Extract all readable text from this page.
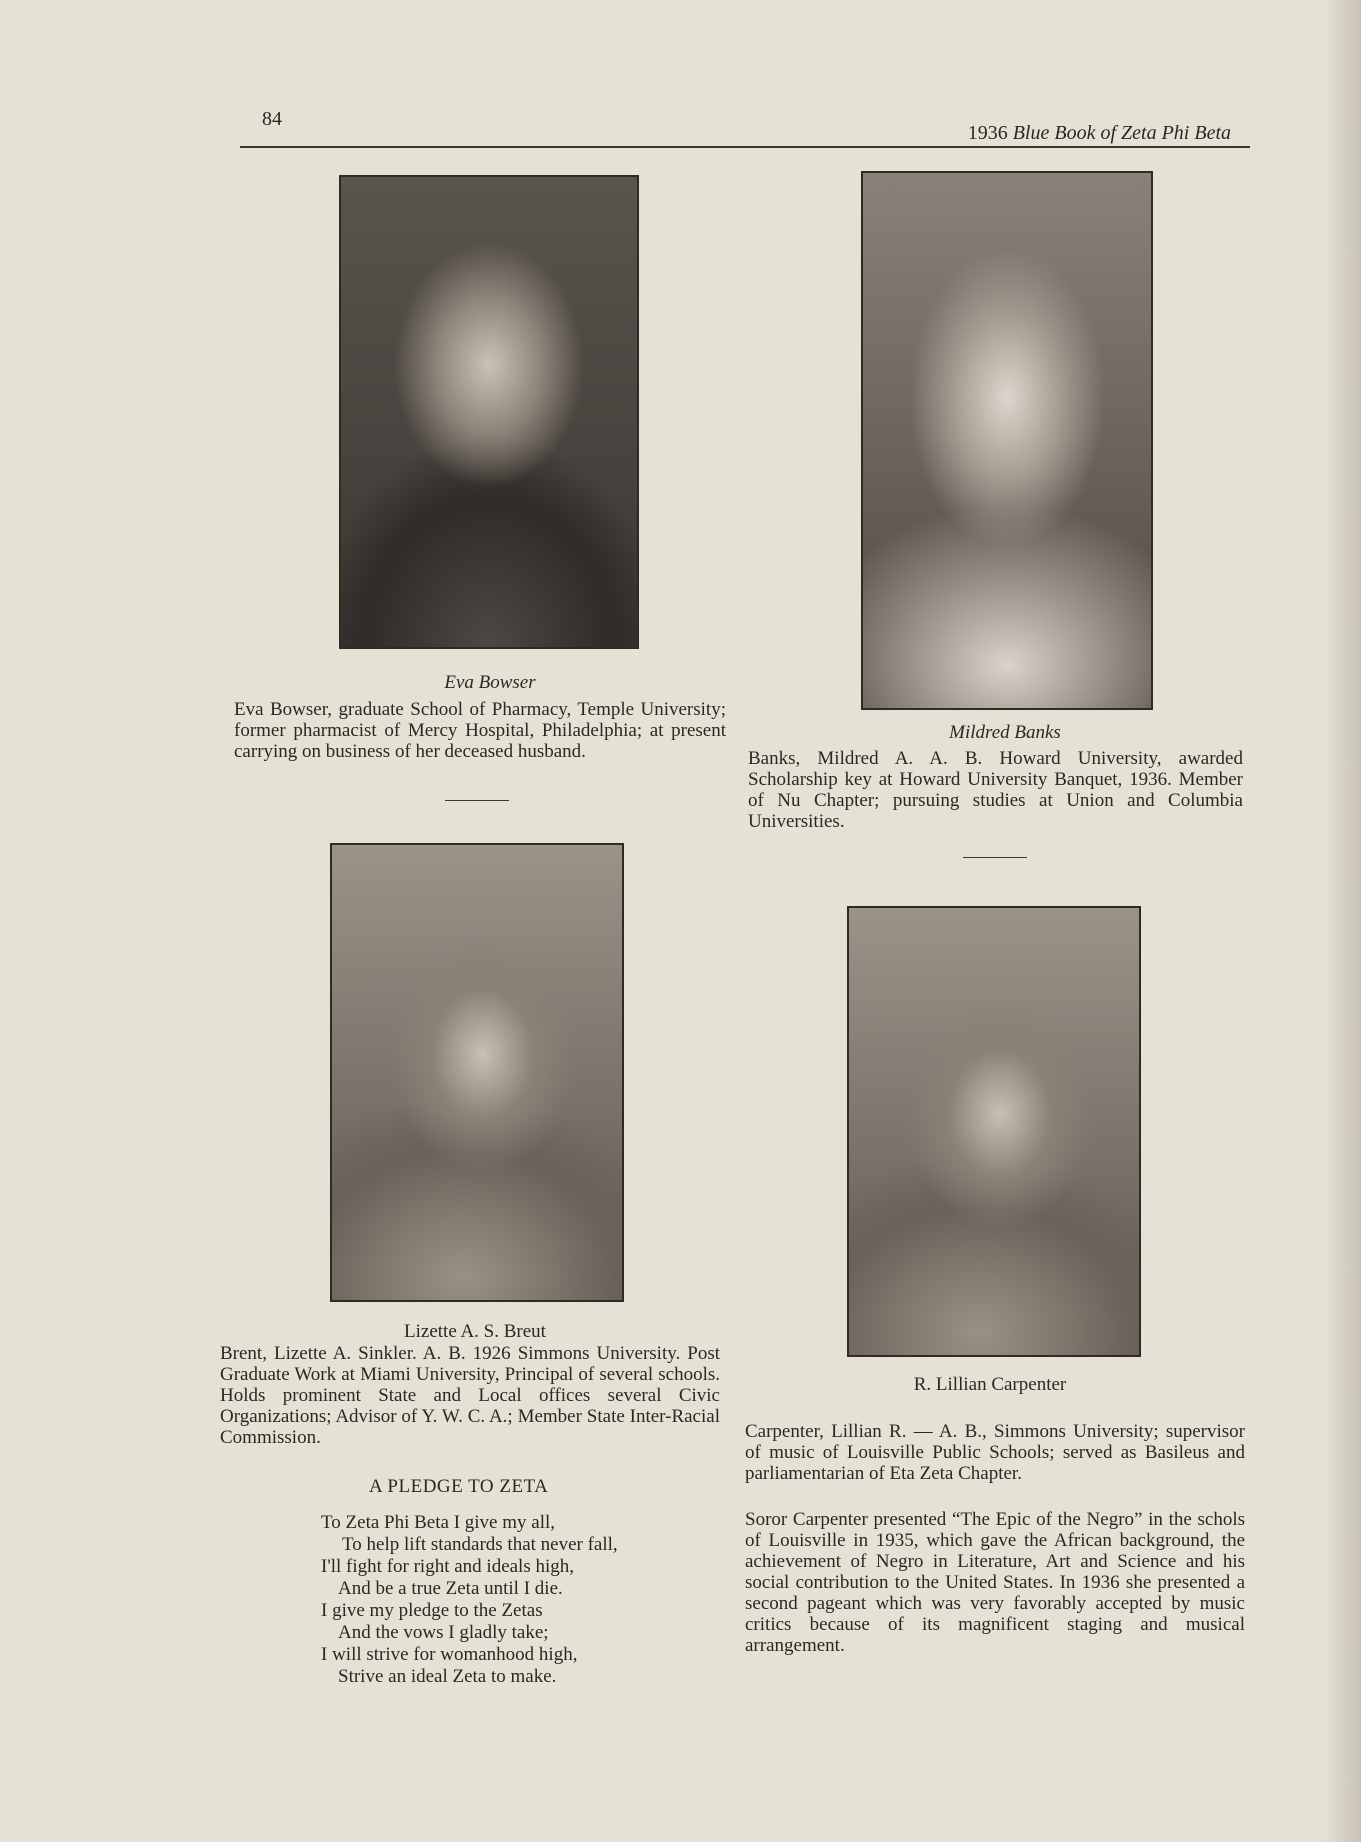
84
1936 Blue Book of Zeta Phi Beta
Eva Bowser
Eva Bowser, graduate School of Pharmacy, Temple University; former pharmacist of Mercy Hospital, Philadelphia; at present carrying on business of her deceased husband.
Mildred Banks
Banks, Mildred A. A. B. Howard University, awarded Scholarship key at Howard University Banquet, 1936. Member of Nu Chapter; pursuing studies at Union and Columbia Universities.
Lizette A. S. Breut
Brent, Lizette A. Sinkler. A. B. 1926 Simmons University. Post Graduate Work at Miami University, Principal of several schools. Holds prominent State and Local offices several Civic Organizations; Advisor of Y. W. C. A.; Member State Inter-Racial Commission.
A PLEDGE TO ZETA
To Zeta Phi Beta I give my all,
To help lift standards that never fall,
I'll fight for right and ideals high,
And be a true Zeta until I die.
I give my pledge to the Zetas
And the vows I gladly take;
I will strive for womanhood high,
Strive an ideal Zeta to make.
R. Lillian Carpenter
Carpenter, Lillian R. — A. B., Simmons University; supervisor of music of Louisville Public Schools; served as Basileus and parliamentarian of Eta Zeta Chapter.
Soror Carpenter presented “The Epic of the Negro” in the schols of Louisville in 1935, which gave the African background, the achievement of Negro in Literature, Art and Science and his social contribution to the United States. In 1936 she presented a second pageant which was very favorably accepted by music critics because of its magnificent staging and musical arrangement.
